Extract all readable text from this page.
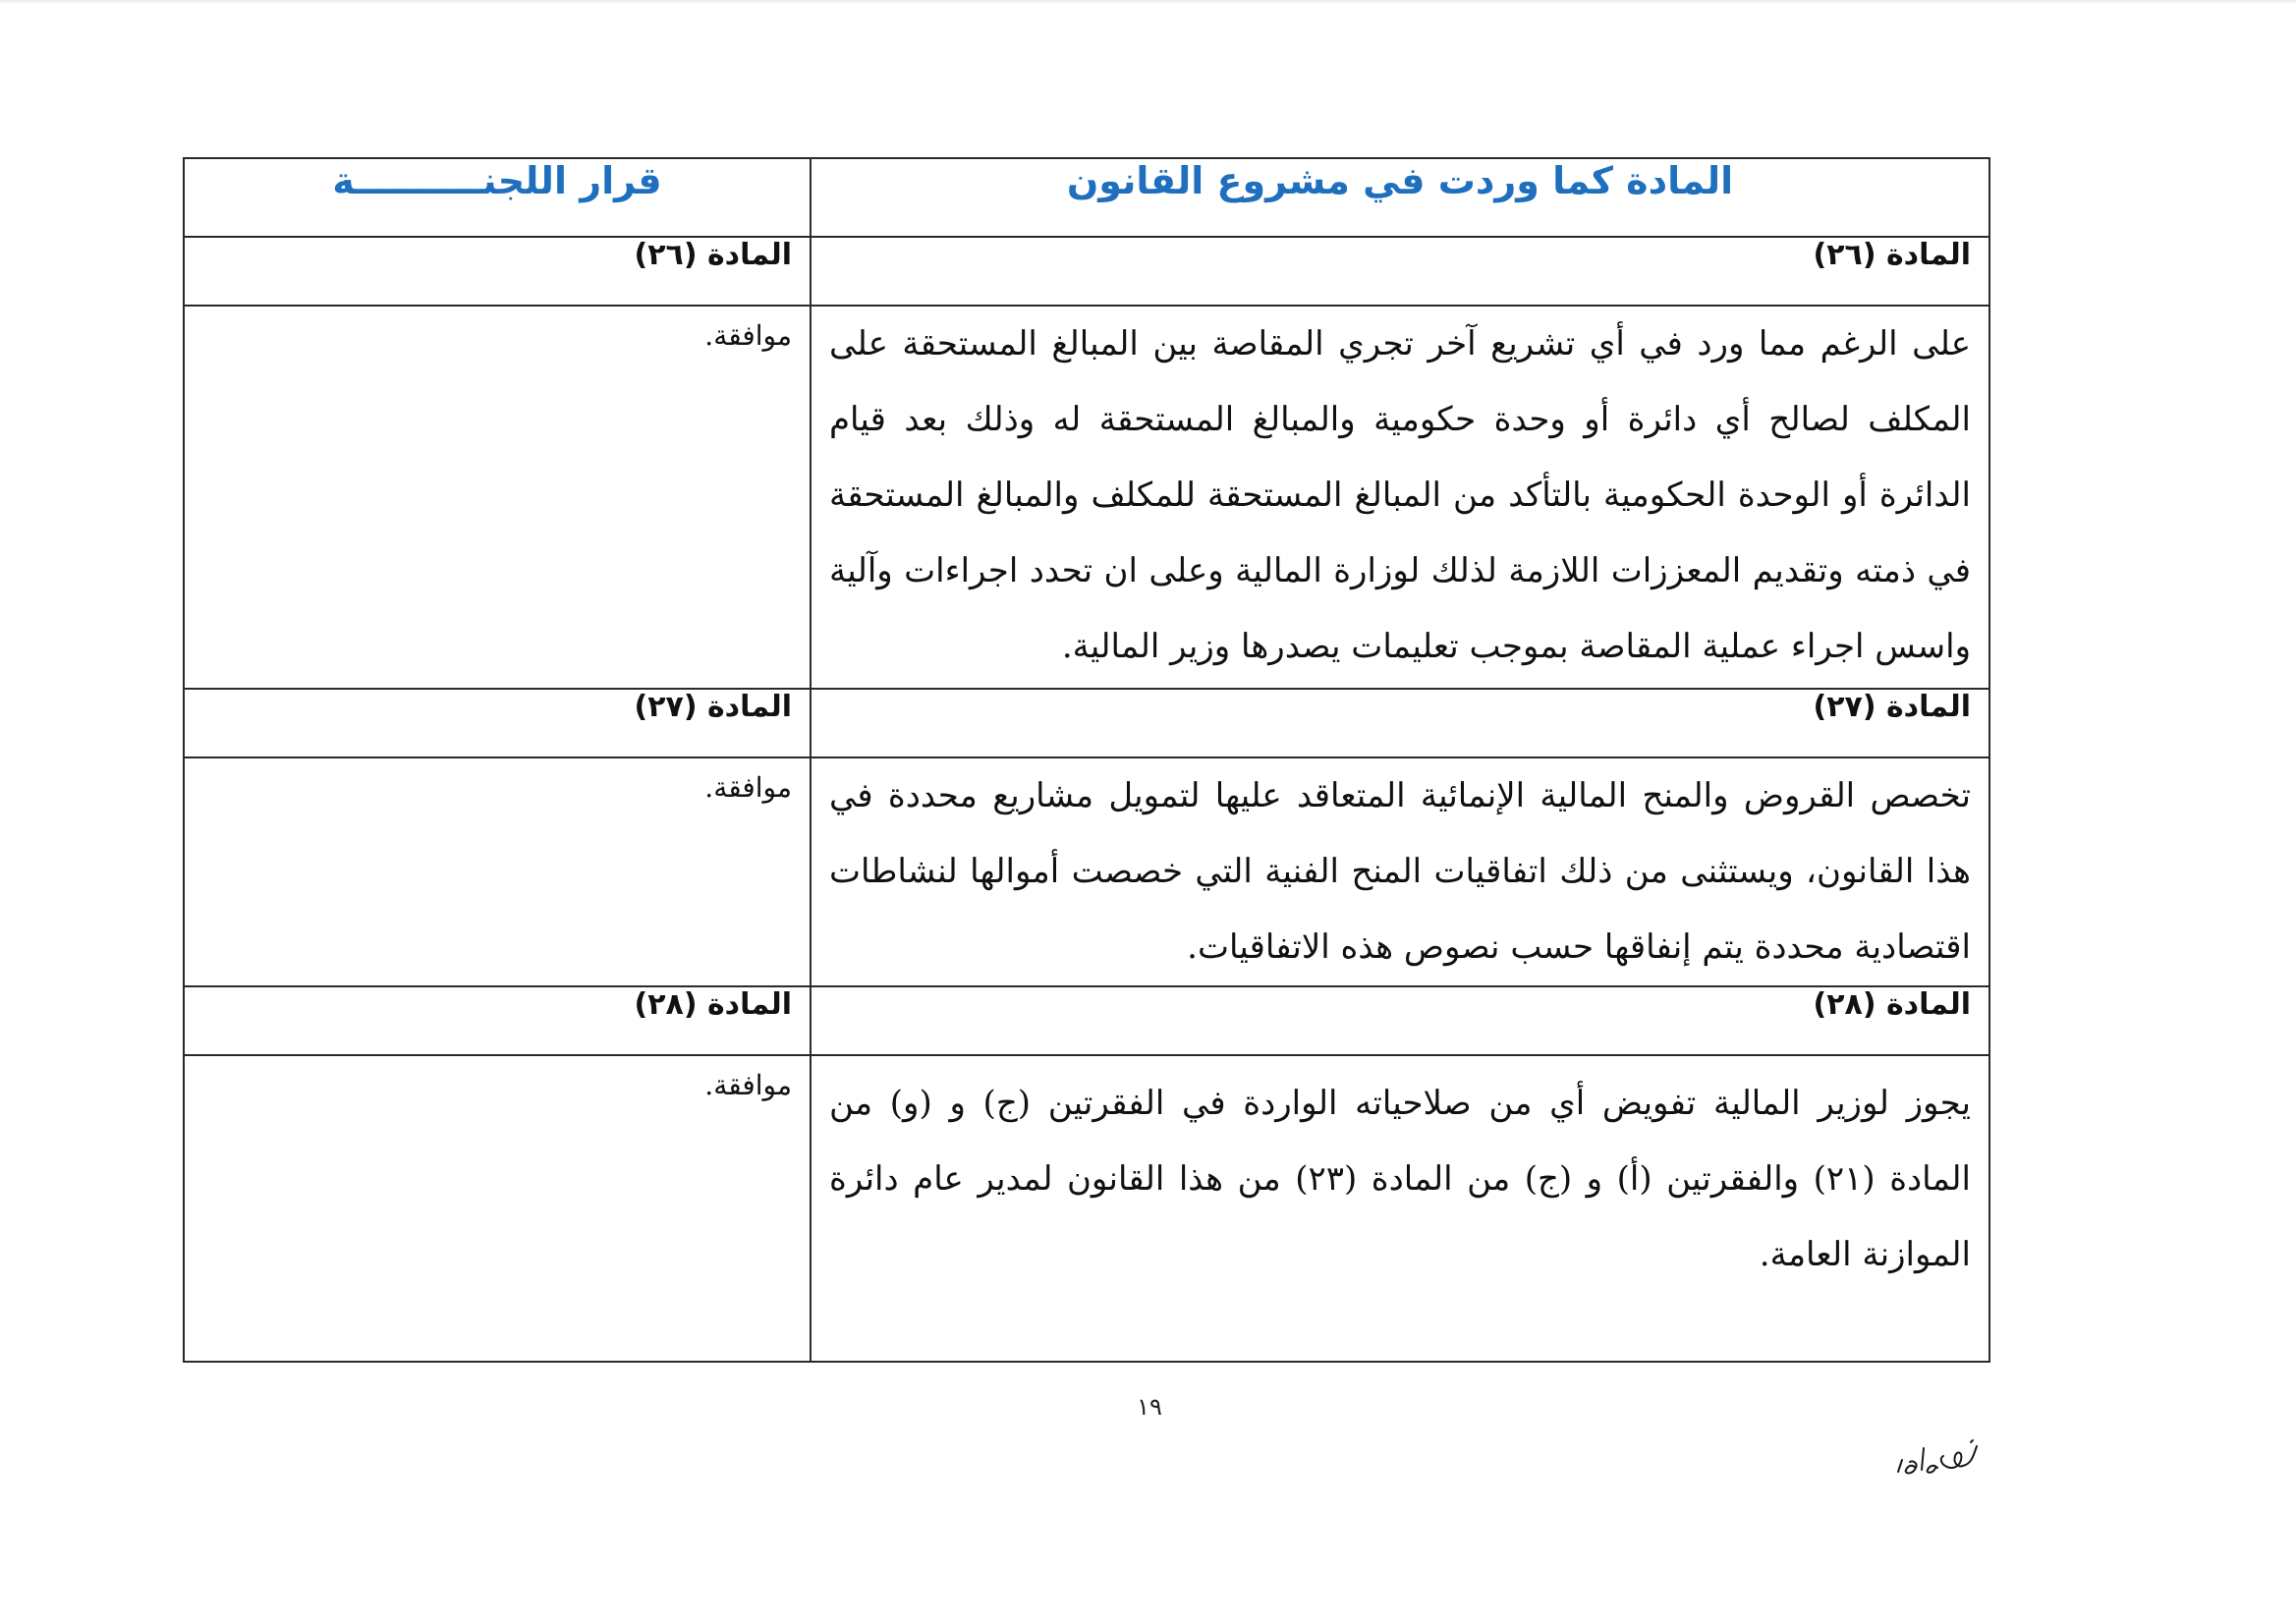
المادة كما وردت في مشروع القانون	قرار اللجنــــــــــة
المادة (٢٦)	المادة (٢٦)
على الرغم مما ورد في أي تشريع آخر تجري المقاصة بين المبالغ المستحقة على المكلف لصالح أي دائرة أو وحدة حكومية والمبالغ المستحقة له وذلك بعد قيام الدائرة أو الوحدة الحكومية بالتأكد من المبالغ المستحقة للمكلف والمبالغ المستحقة في ذمته وتقديم المعززات اللازمة لذلك لوزارة المالية وعلى ان تحدد اجراءات وآلية واسس اجراء عملية المقاصة بموجب تعليمات يصدرها وزير المالية.	موافقة.
المادة (٢٧)	المادة (٢٧)
تخصص القروض والمنح المالية الإنمائية المتعاقد عليها لتمويل مشاريع محددة في هذا القانون، ويستثنى من ذلك اتفاقيات المنح الفنية التي خصصت أموالها لنشاطات اقتصادية محددة يتم إنفاقها حسب نصوص هذه الاتفاقيات.	موافقة.
المادة (٢٨)	المادة (٢٨)
يجوز لوزير المالية تفويض أي من صلاحياته الواردة في الفقرتين (ج) و (و) من المادة (٢١) والفقرتين (أ) و (ج) من المادة (٢٣) من هذا القانون لمدير عام دائرة الموازنة العامة.	موافقة.
١٩
